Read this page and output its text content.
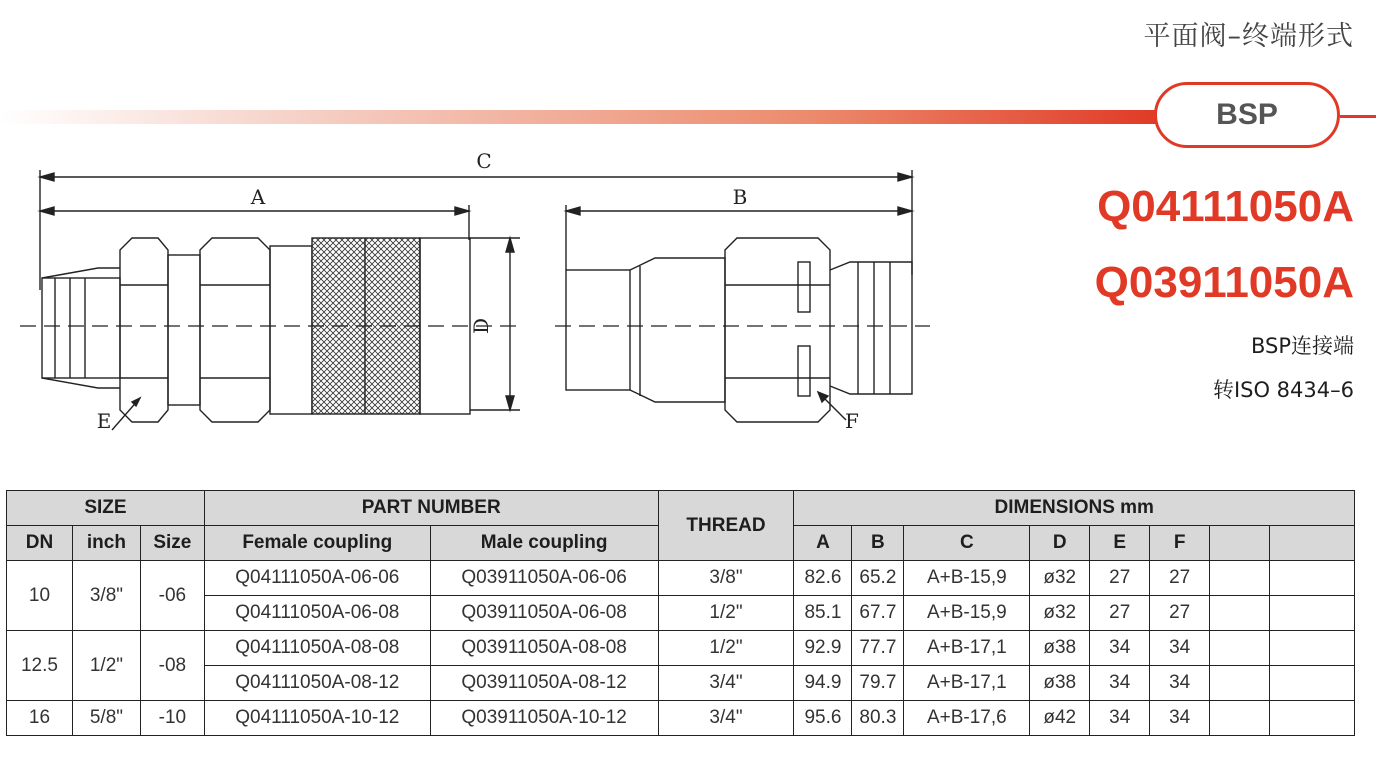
平面阀–终端形式
BSP
Q04111050A
Q03911050A
BSP连接端
转ISO 8434–6
C
A	B
D
E	F
SIZE			PART NUMBER		THREAD	DIMENSIONS mm							
DN	inch	Size	Female coupling	Male coupling		A	B	C	D	E	F		
10	3/8"	-06	Q04111050A-06-06	Q03911050A-06-06	3/8"	82.6	65.2	A+B-15,9	ø32	27	27		
			Q04111050A-06-08	Q03911050A-06-08	1/2"	85.1	67.7	A+B-15,9	ø32	27	27		
12.5	1/2"	-08	Q04111050A-08-08	Q03911050A-08-08	1/2"	92.9	77.7	A+B-17,1	ø38	34	34		
			Q04111050A-08-12	Q03911050A-08-12	3/4"	94.9	79.7	A+B-17,1	ø38	34	34		
16	5/8"	-10	Q04111050A-10-12	Q03911050A-10-12	3/4"	95.6	80.3	A+B-17,6	ø42	34	34		
